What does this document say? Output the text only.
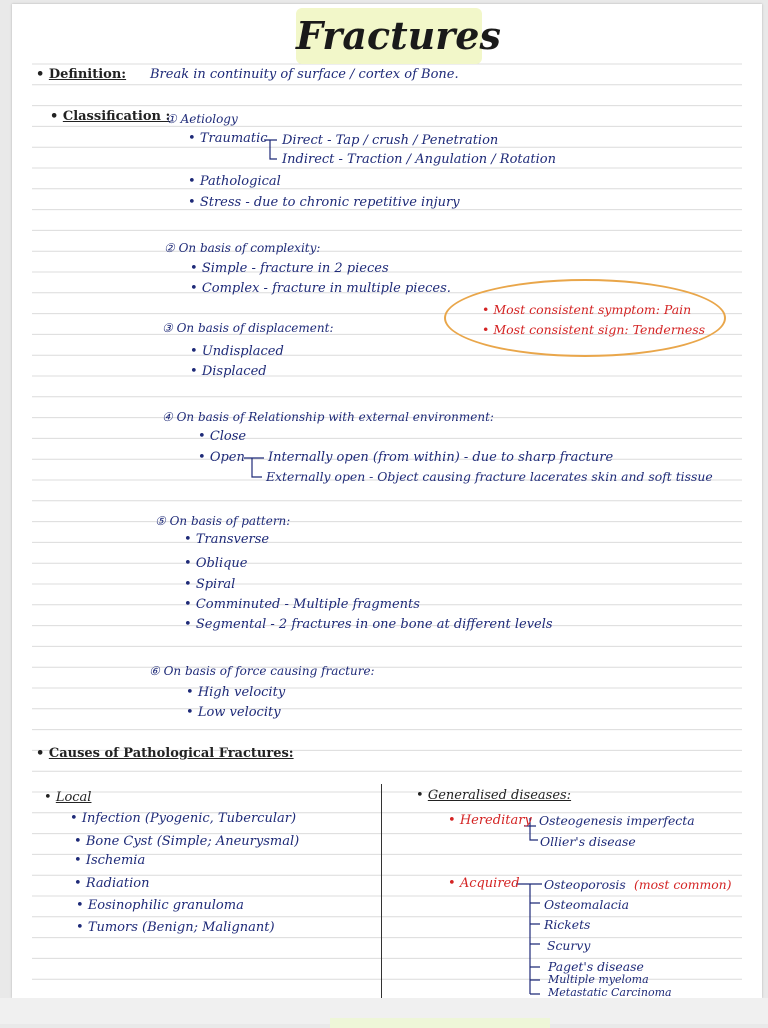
Fractures
• Definition: Break in continuity of surface / cortex of Bone.
• Classification :
① Aetiology
• Traumatic Direct - Tap / crush / Penetration
Indirect - Traction / Angulation / Rotation
• Pathological
• Stress - due to chronic repetitive injury
② On basis of complexity:
• Simple - fracture in 2 pieces
• Complex - fracture in multiple pieces.
• Most consistent symptom: Pain
• Most consistent sign: Tenderness
③ On basis of displacement:
• Undisplaced
• Displaced
④ On basis of Relationship with external environment:
• Close
• Open Internally open (from within) - due to sharp fracture
Externally open - Object causing fracture lacerates skin and soft tissue
⑤ On basis of pattern:
• Transverse
• Oblique
• Spiral
• Comminuted - Multiple fragments
• Segmental - 2 fractures in one bone at different levels
⑥ On basis of force causing fracture:
• High velocity
• Low velocity
• Causes of Pathological Fractures:
• Local
• Infection (Pyogenic, Tubercular)
• Bone Cyst (Simple; Aneurysmal)
• Ischemia
• Radiation
• Eosinophilic granuloma
• Tumors (Benign; Malignant)
• Generalised diseases:
• Hereditary Osteogenesis imperfecta
Ollier's disease
• Acquired Osteoporosis (most common)
Osteomalacia
Rickets
Scurvy
Paget's disease
Multiple myeloma
Metastatic Carcinoma
